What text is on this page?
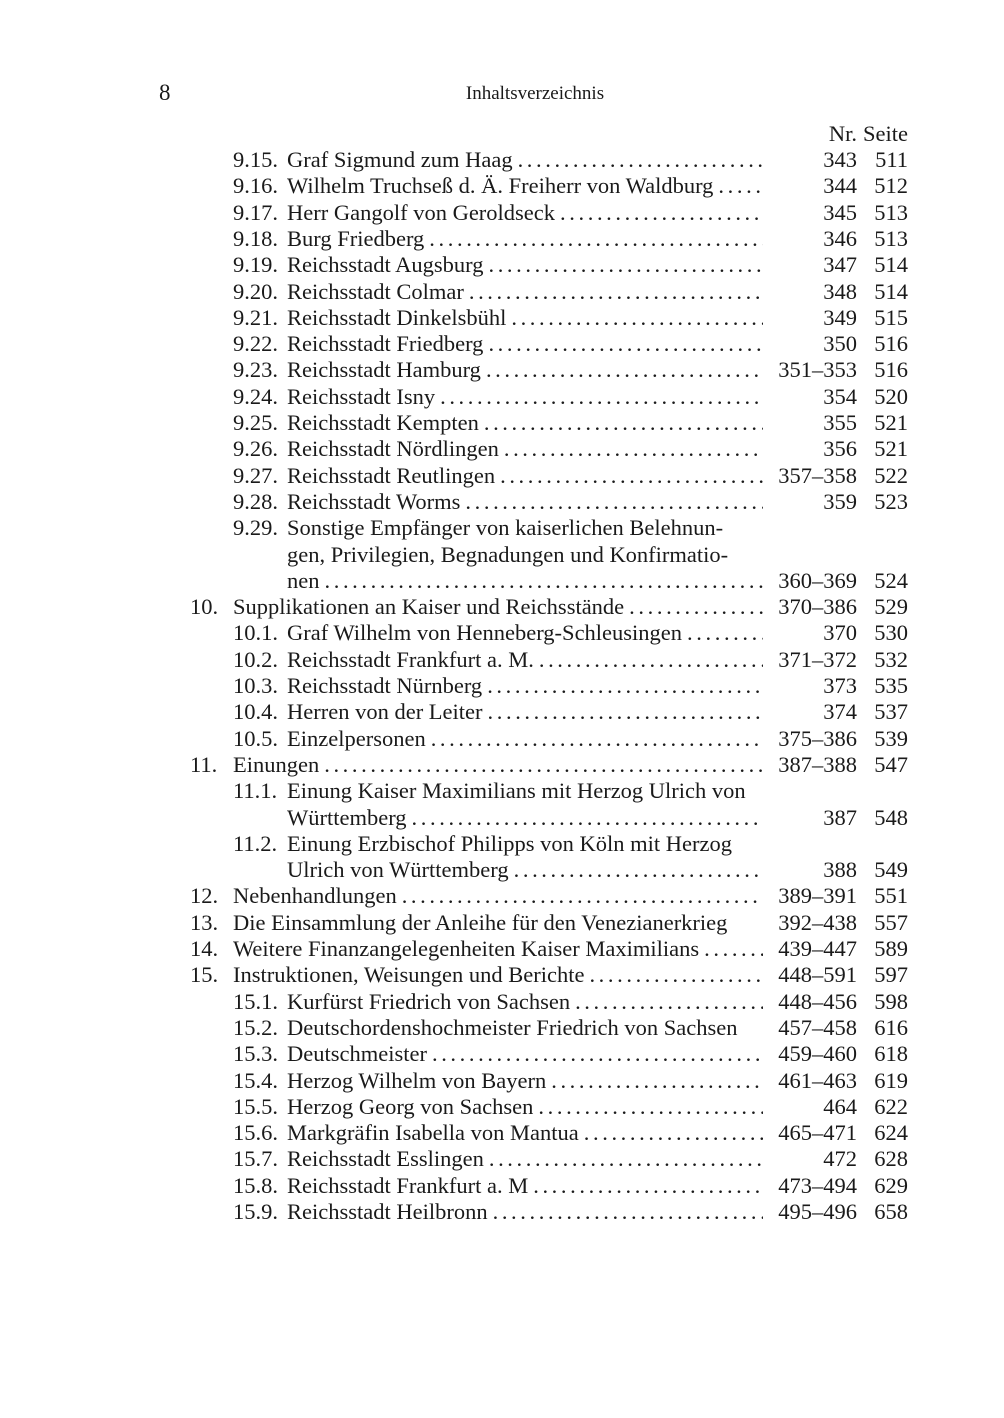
8	Inhaltsverzeichnis
Nr. Seite
9.15. Graf Sigmund zum Haag .....	343 511
9.16. Wilhelm Truchseß d. Ä. Freiherr von Waldburg .....	344 512
9.17. Herr Gangolf von Geroldseck .....	345 513
9.18. Burg Friedberg .....	346 513
9.19. Reichsstadt Augsburg .....	347 514
9.20. Reichsstadt Colmar .....	348 514
9.21. Reichsstadt Dinkelsbühl .....	349 515
9.22. Reichsstadt Friedberg .....	350 516
9.23. Reichsstadt Hamburg .....	351–353 516
9.24. Reichsstadt Isny .....	354 520
9.25. Reichsstadt Kempten .....	355 521
9.26. Reichsstadt Nördlingen .....	356 521
9.27. Reichsstadt Reutlingen .....	357–358 522
9.28. Reichsstadt Worms .....	359 523
9.29. Sonstige Empfänger von kaiserlichen Belehnun-
gen, Privilegien, Begnadungen und Konfirmatio-
nen .....	360–369 524
10. Supplikationen an Kaiser und Reichsstände .....	370–386 529
10.1. Graf Wilhelm von Henneberg-Schleusingen .....	370 530
10.2. Reichsstadt Frankfurt a. M. .....	371–372 532
10.3. Reichsstadt Nürnberg .....	373 535
10.4. Herren von der Leiter .....	374 537
10.5. Einzelpersonen .....	375–386 539
11. Einungen .....	387–388 547
11.1. Einung Kaiser Maximilians mit Herzog Ulrich von
Württemberg .....	387 548
11.2. Einung Erzbischof Philipps von Köln mit Herzog
Ulrich von Württemberg .....	388 549
12. Nebenhandlungen .....	389–391 551
13. Die Einsammlung der Anleihe für den Venezianerkrieg	392–438 557
14. Weitere Finanzangelegenheiten Kaiser Maximilians .....	439–447 589
15. Instruktionen, Weisungen und Berichte .....	448–591 597
15.1. Kurfürst Friedrich von Sachsen .....	448–456 598
15.2. Deutschordenshochmeister Friedrich von Sachsen	457–458 616
15.3. Deutschmeister .....	459–460 618
15.4. Herzog Wilhelm von Bayern .....	461–463 619
15.5. Herzog Georg von Sachsen .....	464 622
15.6. Markgräfin Isabella von Mantua .....	465–471 624
15.7. Reichsstadt Esslingen .....	472 628
15.8. Reichsstadt Frankfurt a. M .....	473–494 629
15.9. Reichsstadt Heilbronn .....	495–496 658
